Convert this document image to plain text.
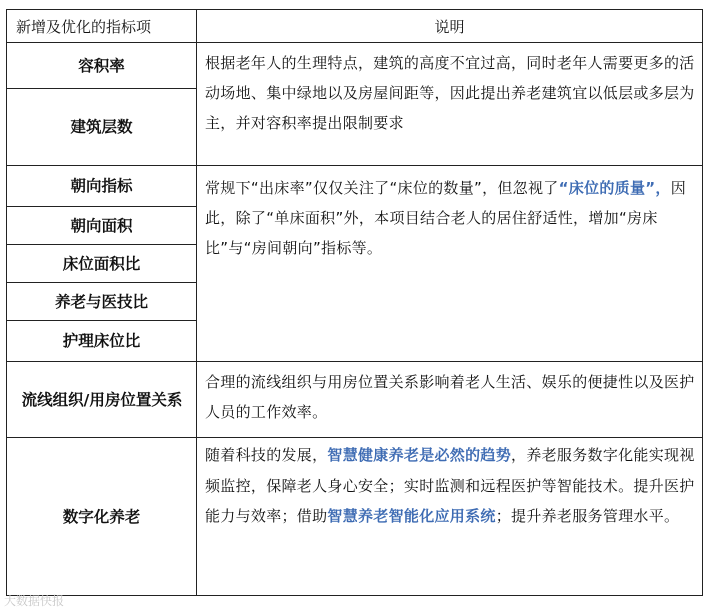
新增及优化的指标项	说明
容积率
建筑层数
朝向指标
朝向面积
床位面积比
养老与医技比
护理床位比
流线组织/用房位置关系
数字化养老
根据老年人的生理特点，建筑的高度不宜过高，同时老年人需要更多的活动场地、集中绿地以及房屋间距等，因此提出养老建筑宜以低层或多层为主，并对容积率提出限制要求
常规下“出床率”仅仅关注了“床位的数量”，但忽视了“床位的质量”，因此，除了“单床面积”外，本项目结合老人的居住舒适性，增加“房床比”与“房间朝向”指标等。
合理的流线组织与用房位置关系影响着老人生活、娱乐的便捷性以及医护人员的工作效率。
随着科技的发展，智慧健康养老是必然的趋势，养老服务数字化能实现视频监控，保障老人身心安全；实时监测和远程医护等智能技术。提升医护能力与效率；借助智慧养老智能化应用系统；提升养老服务管理水平。
大数据快报
